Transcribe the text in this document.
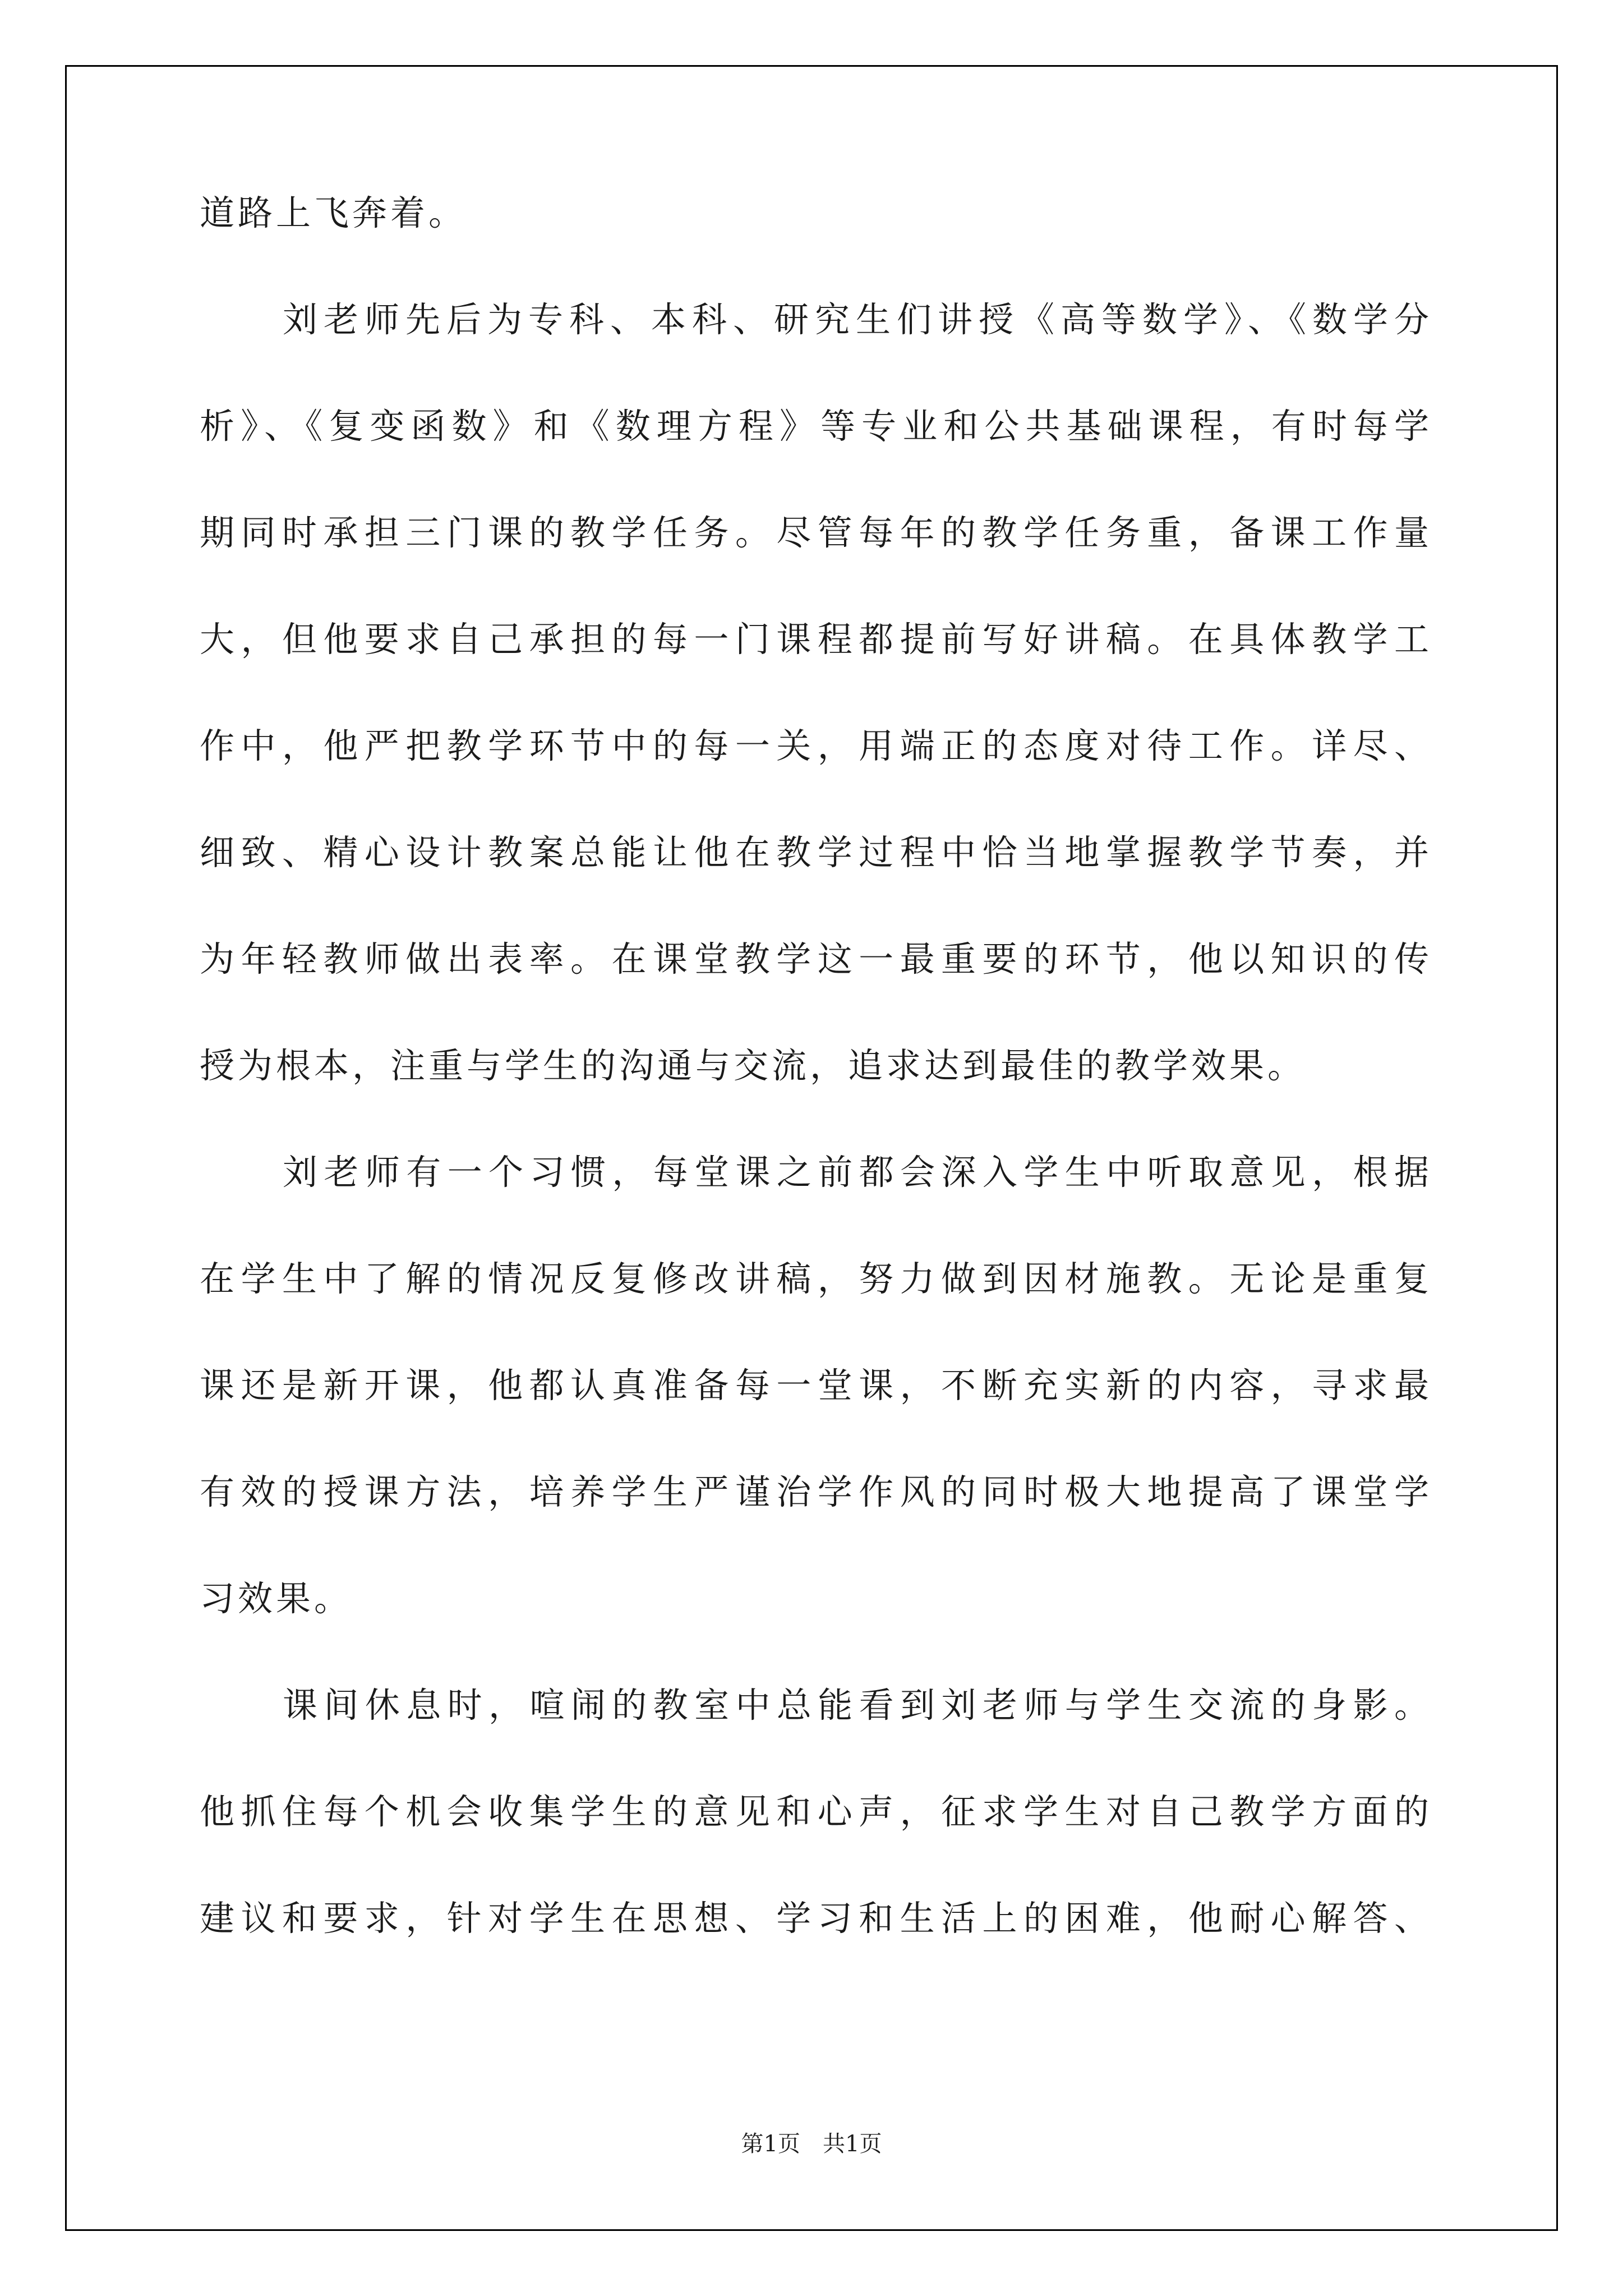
道路上飞奔着。
刘老师先后为专科、本科、研究生们讲授《高等数学》、《数学分
析》、《复变函数》和《数理方程》等专业和公共基础课程，有时每学
期同时承担三门课的教学任务。尽管每年的教学任务重，备课工作量
大，但他要求自己承担的每一门课程都提前写好讲稿。在具体教学工
作中，他严把教学环节中的每一关，用端正的态度对待工作。详尽、
细致、精心设计教案总能让他在教学过程中恰当地掌握教学节奏，并
为年轻教师做出表率。在课堂教学这一最重要的环节，他以知识的传
授为根本，注重与学生的沟通与交流，追求达到最佳的教学效果。
刘老师有一个习惯，每堂课之前都会深入学生中听取意见，根据
在学生中了解的情况反复修改讲稿，努力做到因材施教。无论是重复
课还是新开课，他都认真准备每一堂课，不断充实新的内容，寻求最
有效的授课方法，培养学生严谨治学作风的同时极大地提高了课堂学
习效果。
课间休息时，喧闹的教室中总能看到刘老师与学生交流的身影。
他抓住每个机会收集学生的意见和心声，征求学生对自己教学方面的
建议和要求，针对学生在思想、学习和生活上的困难，他耐心解答、
第1页 共1页
